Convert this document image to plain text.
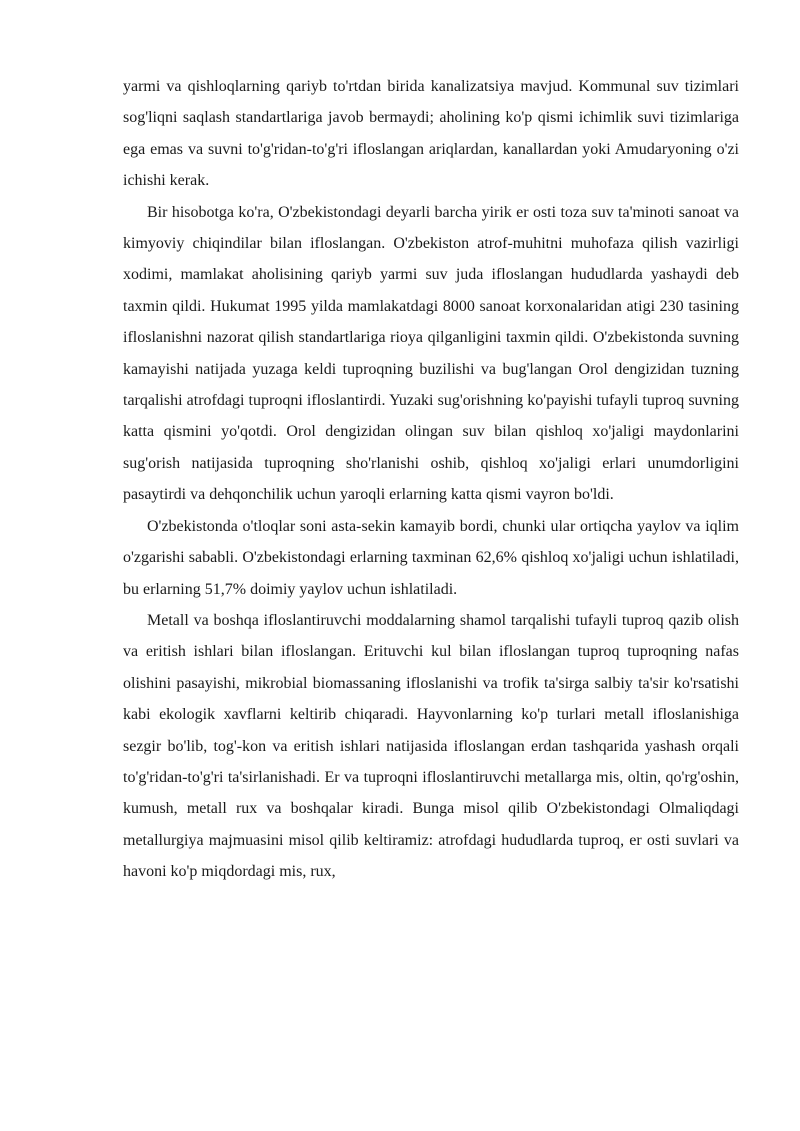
yarmi va qishloqlarning qariyb to'rtdan birida kanalizatsiya mavjud. Kommunal suv tizimlari sog'liqni saqlash standartlariga javob bermaydi; aholining ko'p qismi ichimlik suvi tizimlariga ega emas va suvni to'g'ridan-to'g'ri ifloslangan ariqlardan, kanallardan yoki Amudaryoning o'zi ichishi kerak.

Bir hisobotga ko'ra, O'zbekistondagi deyarli barcha yirik er osti toza suv ta'minoti sanoat va kimyoviy chiqindilar bilan ifloslangan. O'zbekiston atrof-muhitni muhofaza qilish vazirligi xodimi, mamlakat aholisining qariyb yarmi suv juda ifloslangan hududlarda yashaydi deb taxmin qildi. Hukumat 1995 yilda mamlakatdagi 8000 sanoat korxonalaridan atigi 230 tasining ifloslanishni nazorat qilish standartlariga rioya qilganligini taxmin qildi. O'zbekistonda suvning kamayishi natijada yuzaga keldi tuproqning buzilishi va bug'langan Orol dengizidan tuzning tarqalishi atrofdagi tuproqni ifloslantirdi. Yuzaki sug'orishning ko'payishi tufayli tuproq suvning katta qismini yo'qotdi. Orol dengizidan olingan suv bilan qishloq xo'jaligi maydonlarini sug'orish natijasida tuproqning sho'rlanishi oshib, qishloq xo'jaligi erlari unumdorligini pasaytirdi va dehqonchilik uchun yaroqli erlarning katta qismi vayron bo'ldi.

O'zbekistonda o'tloqlar soni asta-sekin kamayib bordi, chunki ular ortiqcha yaylov va iqlim o'zgarishi sababli. O'zbekistondagi erlarning taxminan 62,6% qishloq xo'jaligi uchun ishlatiladi, bu erlarning 51,7% doimiy yaylov uchun ishlatiladi.

Metall va boshqa ifloslantiruvchi moddalarning shamol tarqalishi tufayli tuproq qazib olish va eritish ishlari bilan ifloslangan. Erituvchi kul bilan ifloslangan tuproq tuproqning nafas olishini pasayishi, mikrobial biomassaning ifloslanishi va trofik ta'sirga salbiy ta'sir ko'rsatishi kabi ekologik xavflarni keltirib chiqaradi. Hayvonlarning ko'p turlari metall ifloslanishiga sezgir bo'lib, tog'-kon va eritish ishlari natijasida ifloslangan erdan tashqarida yashash orqali to'g'ridan-to'g'ri ta'sirlanishadi. Er va tuproqni ifloslantiruvchi metallarga mis, oltin, qo'rg'oshin, kumush, metall rux va boshqalar kiradi. Bunga misol qilib O'zbekistondagi Olmaliqdagi metallurgiya majmuasini misol qilib keltiramiz: atrofdagi hududlarda tuproq, er osti suvlari va havoni ko'p miqdordagi mis, rux,
